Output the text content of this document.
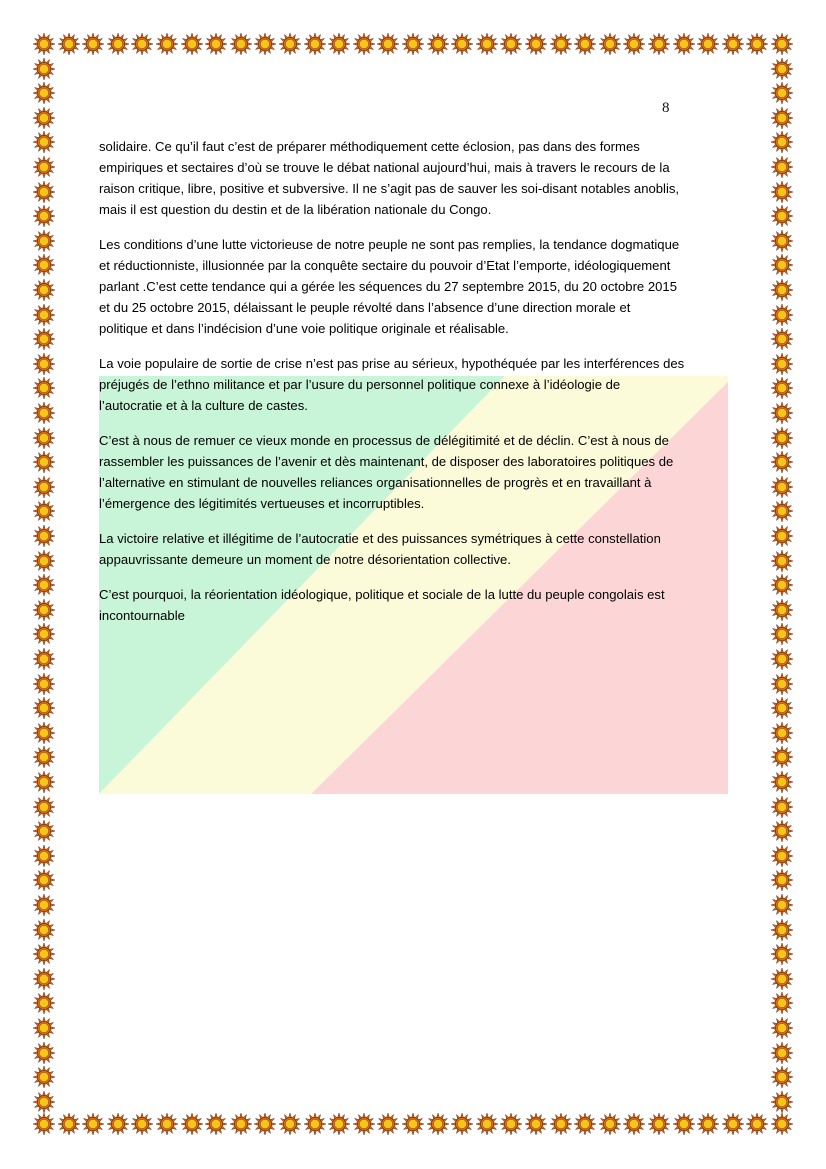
8

solidaire. Ce qu’il faut c’est de préparer méthodiquement cette éclosion, pas dans des formes
empiriques et sectaires d’où se trouve le débat national aujourd’hui, mais à travers le recours de la
raison critique, libre, positive et subversive. Il ne s’agit pas de sauver les soi-disant notables anoblis,
mais il est question du destin et de la libération nationale du Congo.

Les conditions d’une lutte victorieuse de notre peuple ne sont pas remplies, la tendance dogmatique
et réductionniste, illusionnée par la conquête sectaire du pouvoir d’Etat l’emporte, idéologiquement
parlant .C’est cette tendance qui a gérée les séquences du 27 septembre 2015, du 20 octobre 2015
et du 25 octobre 2015, délaissant le peuple révolté dans l’absence d’une direction morale et
politique et dans l’indécision d’une voie politique originale et réalisable.

La voie populaire de sortie de crise n’est pas prise au sérieux, hypothéquée par les interférences des
préjugés de l’ethno militance et par l’usure du personnel politique connexe à l’idéologie de
l’autocratie et à la culture de castes.

C’est à nous de remuer ce vieux monde en processus de délégitimité et de déclin. C’est à nous de
rassembler les puissances de l’avenir et dès maintenant, de disposer des laboratoires politiques de
l’alternative en stimulant de nouvelles reliances organisationnelles de progrès et en travaillant à
l’émergence des légitimités vertueuses et incorruptibles.

La victoire relative et illégitime de l’autocratie et des puissances symétriques à cette constellation
appauvrissante demeure un moment de notre désorientation collective.

C’est pourquoi, la réorientation idéologique, politique et sociale de la lutte du peuple congolais est
incontournable
